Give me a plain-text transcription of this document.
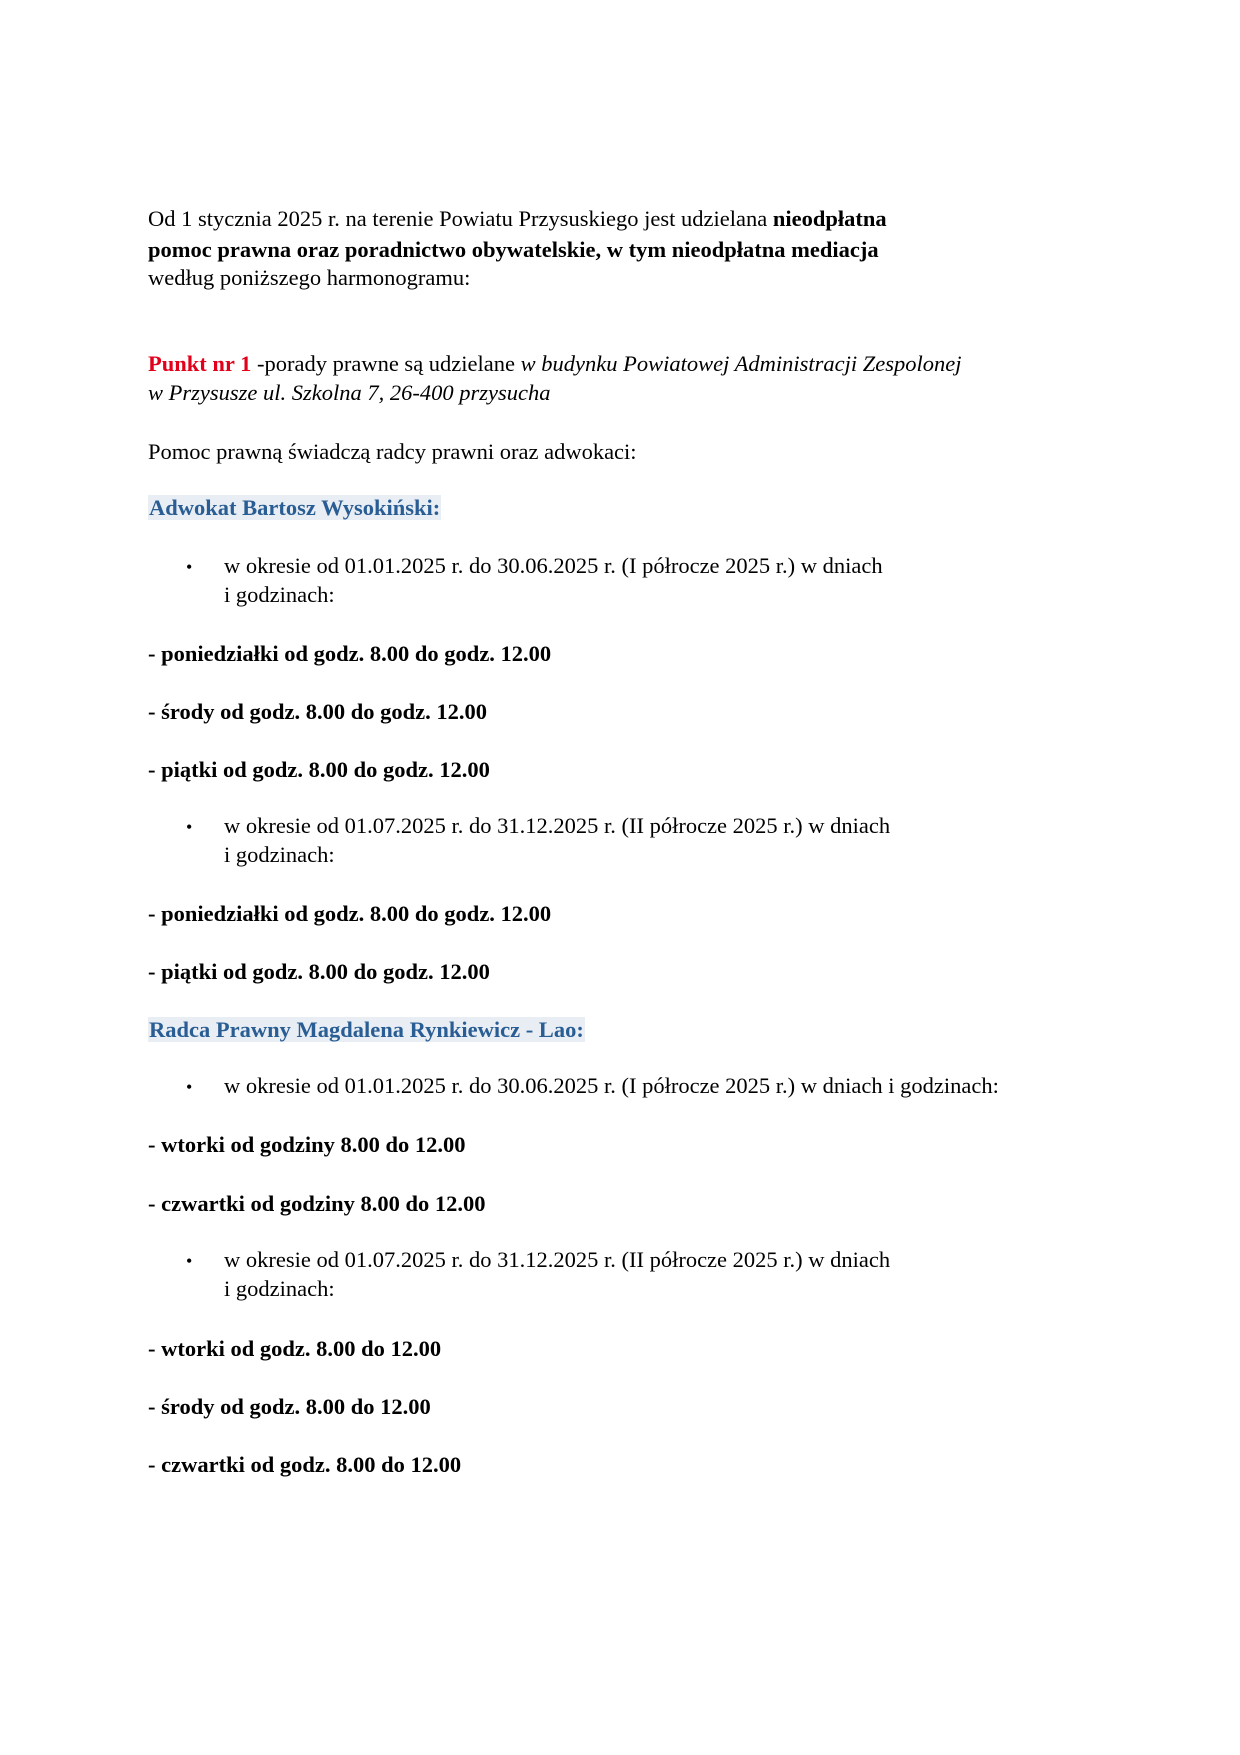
Od 1 stycznia 2025 r. na terenie Powiatu Przysuskiego jest udzielana nieodpłatna
pomoc prawna oraz poradnictwo obywatelskie, w tym nieodpłatna mediacja
według poniższego harmonogramu:
Punkt nr 1 -porady prawne są udzielane w budynku Powiatowej Administracji Zespolonej
w Przysusze ul. Szkolna 7, 26-400 przysucha
Pomoc prawną świadczą radcy prawni oraz adwokaci:
Adwokat Bartosz Wysokiński:
• w okresie od 01.01.2025 r. do 30.06.2025 r. (I półrocze 2025 r.) w dniach
i godzinach:
- poniedziałki od godz. 8.00 do godz. 12.00
- środy od godz. 8.00 do godz. 12.00
- piątki od godz. 8.00 do godz. 12.00
• w okresie od 01.07.2025 r. do 31.12.2025 r. (II półrocze 2025 r.) w dniach
i godzinach:
- poniedziałki od godz. 8.00 do godz. 12.00
- piątki od godz. 8.00 do godz. 12.00
Radca Prawny Magdalena Rynkiewicz - Lao:
• w okresie od 01.01.2025 r. do 30.06.2025 r. (I półrocze 2025 r.) w dniach i godzinach:
- wtorki od godziny 8.00 do 12.00
- czwartki od godziny 8.00 do 12.00
• w okresie od 01.07.2025 r. do 31.12.2025 r. (II półrocze 2025 r.) w dniach
i godzinach:
- wtorki od godz. 8.00 do 12.00
- środy od godz. 8.00 do 12.00
- czwartki od godz. 8.00 do 12.00
